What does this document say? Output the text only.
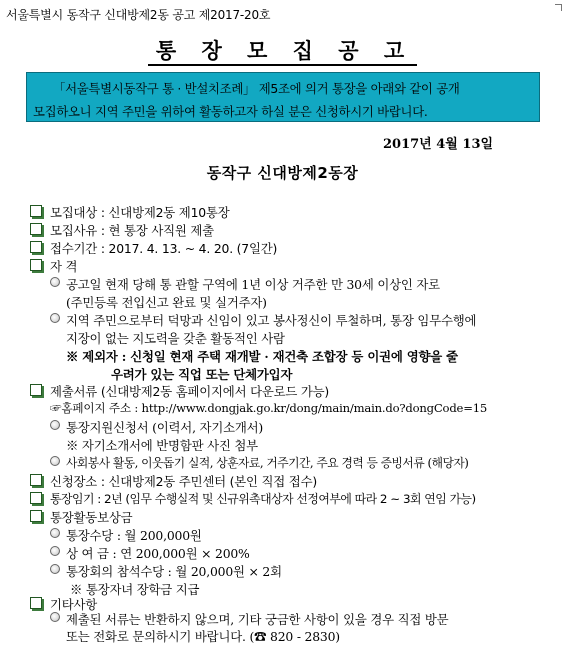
서울특별시 동작구 신대방제2동 공고 제2017-20호
통 장 모 집 공 고
「서울특별시동작구 통 · 반설치조례」 제5조에 의거 통장을 아래와 같이 공개
모집하오니 지역 주민을 위하여 활동하고자 하실 분은 신청하시기 바랍니다.
2017년 4월 13일
동작구 신대방제2동장
모집대상 : 신대방제2동 제10통장
모집사유 : 현 통장 사직원 제출
접수기간 : 2017. 4. 13. ~ 4. 20. (7일간)
자 격
공고일 현재 당해 통 관할 구역에 1년 이상 거주한 만 30세 이상인 자로
(주민등록 전입신고 완료 및 실거주자)
지역 주민으로부터 덕망과 신임이 있고 봉사정신이 투철하며, 통장 임무수행에
지장이 없는 지도력을 갖춘 활동적인 사람
※ 제외자 : 신청일 현재 주택 재개발 · 재건축 조합장 등 이권에 영향을 줄
우려가 있는 직업 또는 단체가입자
제출서류 (신대방제2동 홈페이지에서 다운로드 가능)
☞홈페이지 주소 : http://www.dongjak.go.kr/dong/main/main.do?dongCode=15
통장지원신청서 (이력서, 자기소개서)
※ 자기소개서에 반명함판 사진 첨부
사회봉사 활동, 이웃돕기 실적, 상훈자료, 거주기간, 주요 경력 등 증빙서류 (해당자)
신청장소 : 신대방제2동 주민센터 (본인 직접 접수)
통장임기 : 2년 (임무 수행실적 및 신규위촉대상자 선정여부에 따라 2 ~ 3회 연임 가능)
통장활동보상금
통장수당 : 월 200,000원
상 여 금 : 연 200,000원 × 200%
통장회의 참석수당 : 월 20,000원 × 2회
※ 통장자녀 장학금 지급
기타사항
제출된 서류는 반환하지 않으며, 기타 궁금한 사항이 있을 경우 직접 방문
또는 전화로 문의하시기 바랍니다. (☎ 820 - 2830)
